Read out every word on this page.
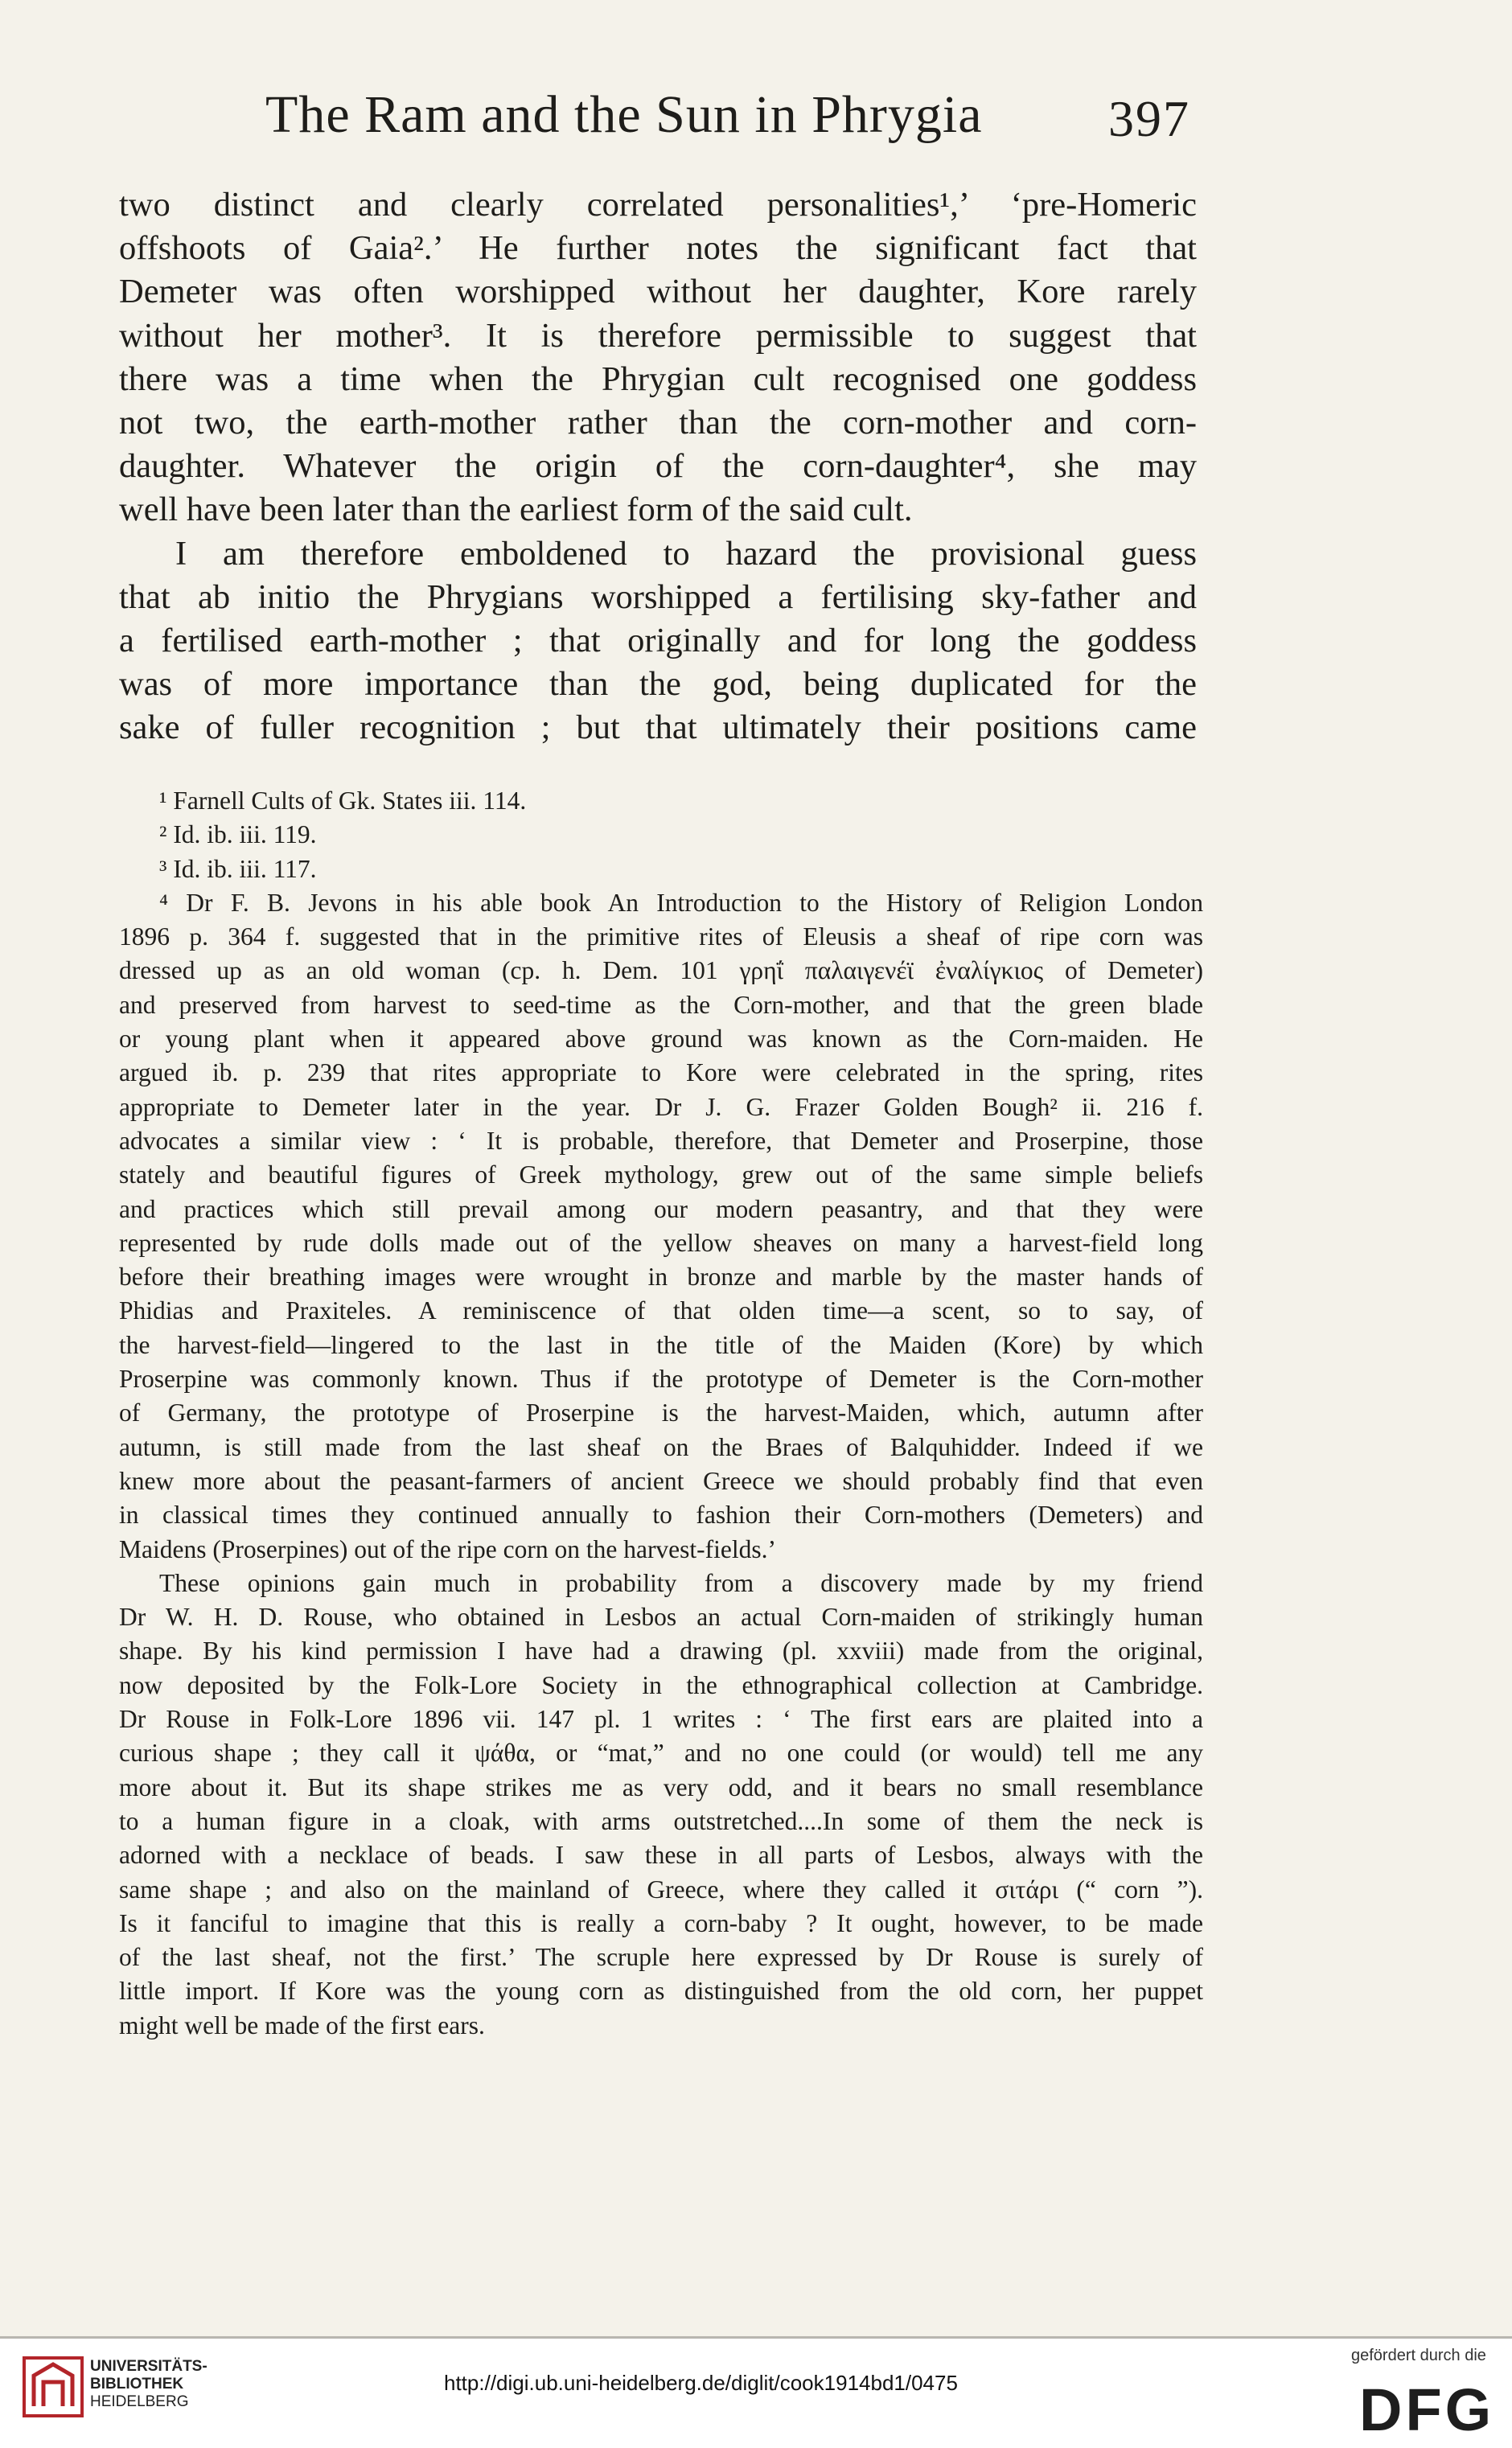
The Ram and the Sun in Phrygia 397
two distinct and clearly correlated personalities¹,’ ‘pre-Homeric
offshoots of Gaia².’ He further notes the significant fact that
Demeter was often worshipped without her daughter, Kore rarely
without her mother³. It is therefore permissible to suggest that
there was a time when the Phrygian cult recognised one goddess
not two, the earth-mother rather than the corn-mother and corn-
daughter. Whatever the origin of the corn-daughter⁴, she may
well have been later than the earliest form of the said cult.
I am therefore emboldened to hazard the provisional guess
that ab initio the Phrygians worshipped a fertilising sky-father and
a fertilised earth-mother ; that originally and for long the goddess
was of more importance than the god, being duplicated for the
sake of fuller recognition ; but that ultimately their positions came
¹ Farnell Cults of Gk. States iii. 114.
² Id. ib. iii. 119.
³ Id. ib. iii. 117.
⁴ Dr F. B. Jevons in his able book An Introduction to the History of Religion London
1896 p. 364 f. suggested that in the primitive rites of Eleusis a sheaf of ripe corn was
dressed up as an old woman (cp. h. Dem. 101 γρηΐ παλαιγενέϊ ἐναλίγκιος of Demeter)
and preserved from harvest to seed-time as the Corn-mother, and that the green blade
or young plant when it appeared above ground was known as the Corn-maiden. He
argued ib. p. 239 that rites appropriate to Kore were celebrated in the spring, rites
appropriate to Demeter later in the year. Dr J. G. Frazer Golden Bough² ii. 216 f.
advocates a similar view : ‘ It is probable, therefore, that Demeter and Proserpine, those
stately and beautiful figures of Greek mythology, grew out of the same simple beliefs
and practices which still prevail among our modern peasantry, and that they were
represented by rude dolls made out of the yellow sheaves on many a harvest-field long
before their breathing images were wrought in bronze and marble by the master hands of
Phidias and Praxiteles. A reminiscence of that olden time—a scent, so to say, of
the harvest-field—lingered to the last in the title of the Maiden (Kore) by which
Proserpine was commonly known. Thus if the prototype of Demeter is the Corn-mother
of Germany, the prototype of Proserpine is the harvest-Maiden, which, autumn after
autumn, is still made from the last sheaf on the Braes of Balquhidder. Indeed if we
knew more about the peasant-farmers of ancient Greece we should probably find that even
in classical times they continued annually to fashion their Corn-mothers (Demeters) and
Maidens (Proserpines) out of the ripe corn on the harvest-fields.’
These opinions gain much in probability from a discovery made by my friend
Dr W. H. D. Rouse, who obtained in Lesbos an actual Corn-maiden of strikingly human
shape. By his kind permission I have had a drawing (pl. xxviii) made from the original,
now deposited by the Folk-Lore Society in the ethnographical collection at Cambridge.
Dr Rouse in Folk-Lore 1896 vii. 147 pl. 1 writes : ‘ The first ears are plaited into a
curious shape ; they call it ψάθα, or “mat,” and no one could (or would) tell me any
more about it. But its shape strikes me as very odd, and it bears no small resemblance
to a human figure in a cloak, with arms outstretched....In some of them the neck is
adorned with a necklace of beads. I saw these in all parts of Lesbos, always with the
same shape ; and also on the mainland of Greece, where they called it σιτάρι (“ corn ”).
Is it fanciful to imagine that this is really a corn-baby ? It ought, however, to be made
of the last sheaf, not the first.’ The scruple here expressed by Dr Rouse is surely of
little import. If Kore was the young corn as distinguished from the old corn, her puppet
might well be made of the first ears.
UNIVERSITÄTS-
BIBLIOTHEK
HEIDELBERG
http://digi.ub.uni-heidelberg.de/diglit/cook1914bd1/0475
gefördert durch die
DFG
